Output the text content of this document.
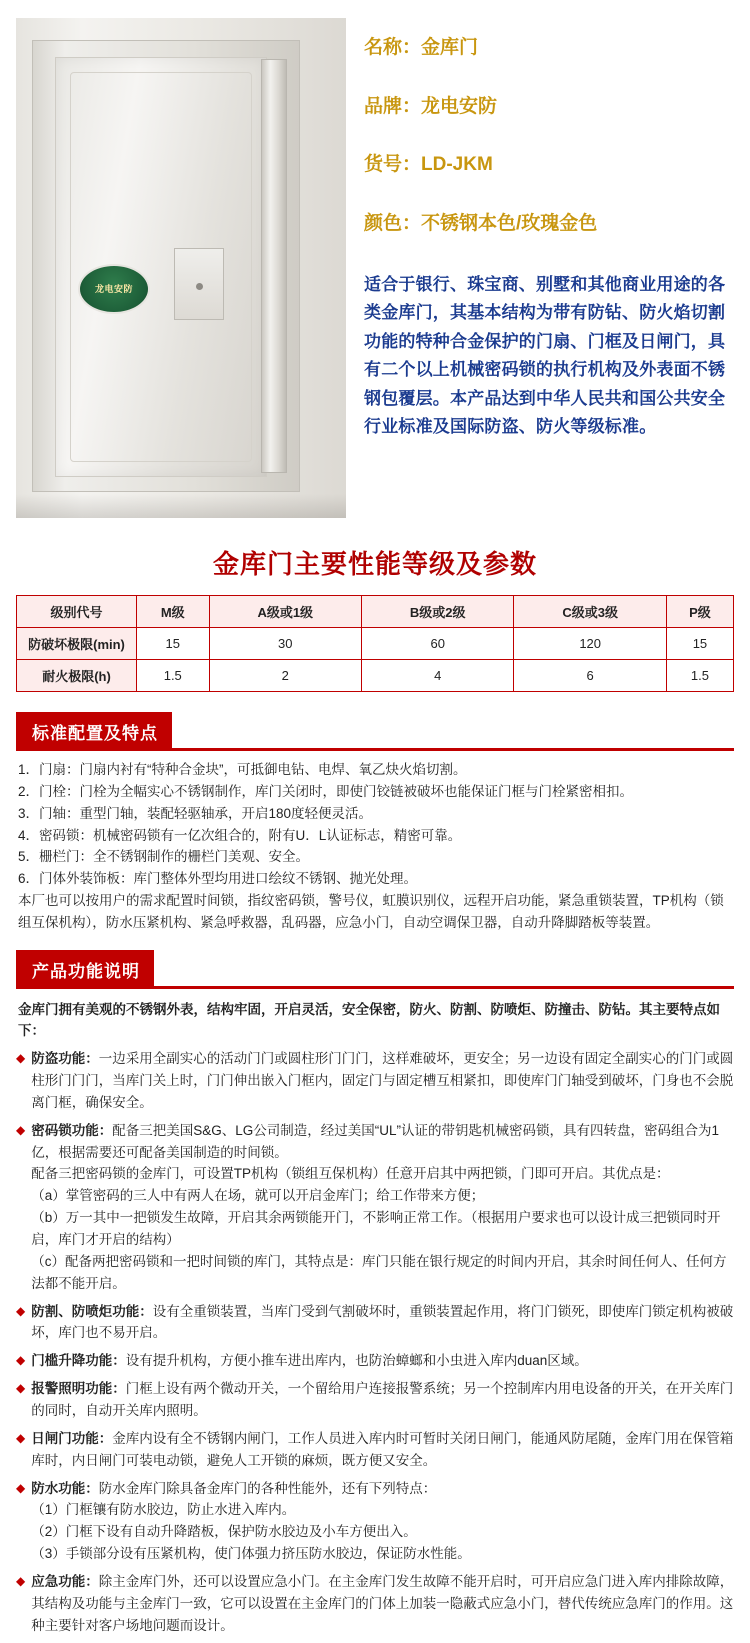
龙电安防
名称：金库门
品牌：龙电安防
货号：LD-JKM
颜色：不锈钢本色/玫瑰金色
适合于银行、珠宝商、别墅和其他商业用途的各类金库门，其基本结构为带有防钻、防火焰切割功能的特种合金保护的门扇、门框及日闸门，具有二个以上机械密码锁的执行机构及外表面不锈钢包覆层。本产品达到中华人民共和国公共安全行业标准及国际防盗、防火等级标准。
金库门主要性能等级及参数
级别代号	M级	A级或1级	B级或2级	C级或3级	P级
防破坏极限(min)	15	30	60	120	15
耐火极限(h)	1.5	2	4	6	1.5
标准配置及特点

1．门扇：门扇内衬有“特种合金块”，可抵御电钻、电焊、氧乙炔火焰切割。

2．门栓：门栓为全幅实心不锈钢制作，库门关闭时，即使门铰链被破坏也能保证门框与门栓紧密相扣。

3．门轴：重型门轴，装配轻驱轴承，开启180度轻便灵活。

4．密码锁：机械密码锁有一亿次组合的，附有U．L认证标志，精密可靠。

5．栅栏门：全不锈钢制作的栅栏门美观、安全。

6．门体外装饰板：库门整体外型均用进口绘纹不锈钢、抛光处理。

本厂也可以按用户的需求配置时间锁，指纹密码锁，警号仪，虹膜识别仪，远程开启功能，紧急重锁装置，TP机构（锁组互保机构），防水压紧机构、紧急呼救器，乱码器，应急小门，自动空调保卫器，自动升降脚踏板等装置。

产品功能说明
金库门拥有美观的不锈钢外表，结构牢固，开启灵活，安全保密，防火、防割、防喷炬、防撞击、防钻。其主要特点如下：
◆ 防盗功能：一边采用全副实心的活动门门或圆柱形门门门，这样难破坏，更安全；另一边设有固定全副实心的门门或圆柱形门门门，当库门关上时，门门伸出嵌入门框内，固定门与固定槽互相紧扣，即使库门门轴受到破坏，门身也不会脱离门框，确保安全。
◆ 密码锁功能：配备三把美国S&G、LG公司制造，经过美国“UL”认证的带钥匙机械密码锁，具有四转盘，密码组合为1亿，根据需要还可配备美国制造的时间锁。
配备三把密码锁的金库门，可设置TP机构（锁组互保机构）任意开启其中两把锁，门即可开启。其优点是：
（a）掌管密码的三人中有两人在场，就可以开启金库门；给工作带来方便；
（b）万一其中一把锁发生故障，开启其余两锁能开门，不影响正常工作。（根据用户要求也可以设计成三把锁同时开启，库门才开启的结构）
（c）配备两把密码锁和一把时间锁的库门，其特点是：库门只能在银行规定的时间内开启，其余时间任何人、任何方法都不能开启。
◆ 防割、防喷炬功能：设有全重锁装置，当库门受到气割破坏时，重锁装置起作用，将门门锁死，即使库门锁定机构被破坏，库门也不易开启。
◆ 门槛升降功能：设有提升机构，方便小推车进出库内，也防治蟑螂和小虫进入库内duan区域。
◆ 报警照明功能：门框上设有两个微动开关，一个留给用户连接报警系统；另一个控制库内用电设备的开关，在开关库门的同时，自动开关库内照明。
◆ 日闸门功能：金库内设有全不锈钢内闸门，工作人员进入库内时可暂时关闭日闸门，能通风防尾随，金库门用在保管箱库时，内日闸门可装电动锁，避免人工开锁的麻烦，既方便又安全。
◆ 防水功能：防水金库门除具备金库门的各种性能外，还有下列特点：
（1）门框镶有防水胶边，防止水进入库内。
（2）门框下设有自动升降踏板，保护防水胶边及小车方便出入。
（3）手锁部分设有压紧机构，使门体强力挤压防水胶边，保证防水性能。
◆ 应急功能：除主金库门外，还可以设置应急小门。在主金库门发生故障不能开启时，可开启应急门进入库内排除故障，其结构及功能与主金库门一致，它可以设置在主金库门的门体上加装一隐蔽式应急小门，替代传统应急库门的作用。这种主要针对客户场地问题而设计。
